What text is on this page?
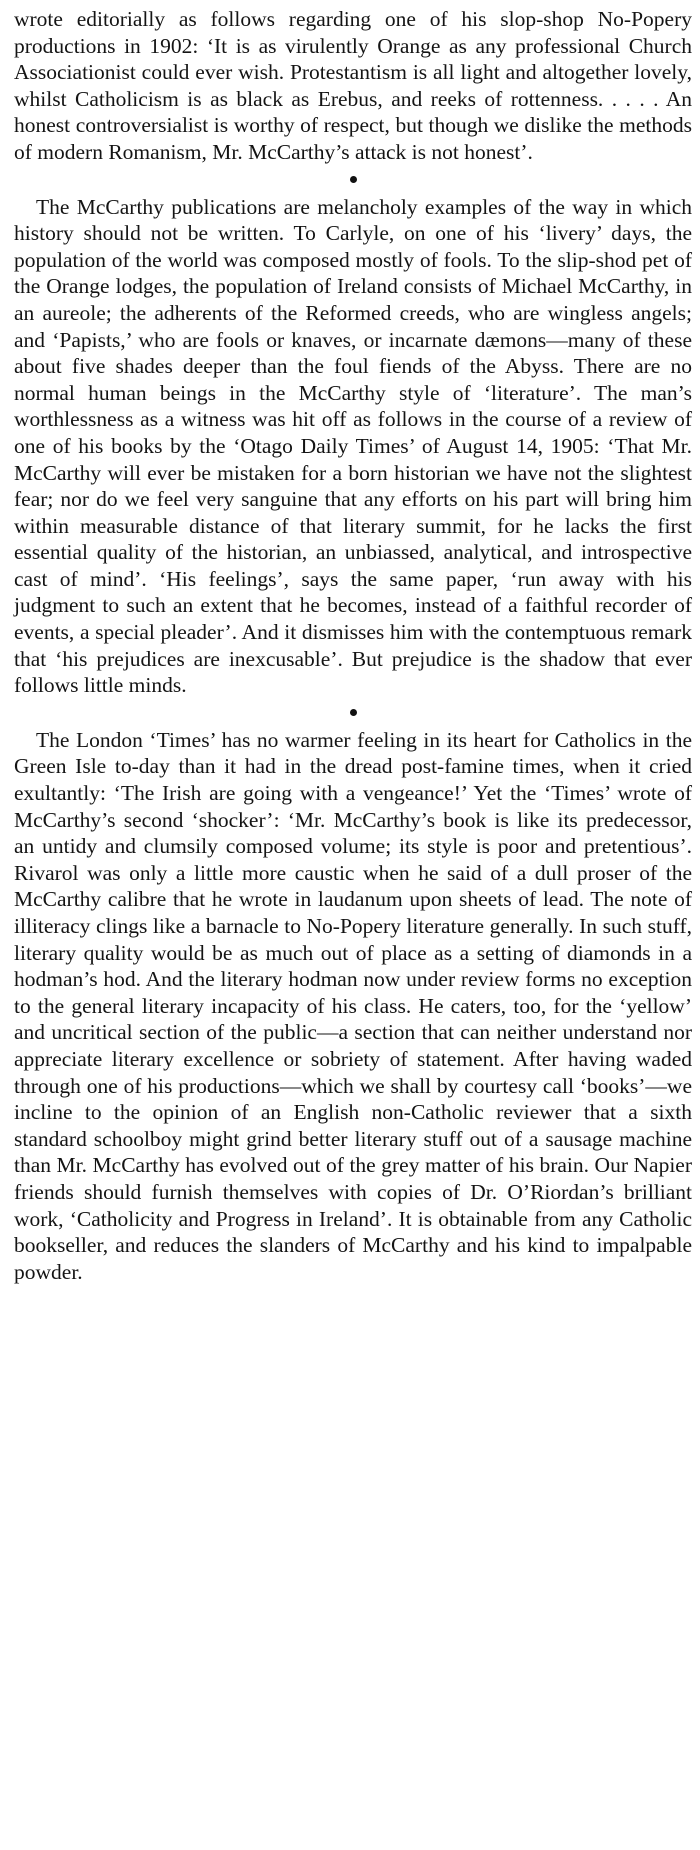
wrote editorially as follows regarding one of his slop-shop No-Popery productions in 1902: ‘It is as virulently Orange as any professional Church Associationist could ever wish. Protestantism is all light and altogether lovely, whilst Catholicism is as black as Erebus, and reeks of rottenness. . . . . An honest controversialist is worthy of respect, but though we dislike the methods of modern Romanism, Mr. McCarthy’s attack is not honest’.

The McCarthy publications are melancholy examples of the way in which history should not be written. To Carlyle, on one of his ‘livery’ days, the population of the world was composed mostly of fools. To the slip-shod pet of the Orange lodges, the population of Ireland consists of Michael McCarthy, in an aureole; the adherents of the Reformed creeds, who are wingless angels; and ‘Papists,’ who are fools or knaves, or incarnate dæmons—many of these about five shades deeper than the foul fiends of the Abyss. There are no normal human beings in the McCarthy style of ‘literature’. The man’s worthlessness as a witness was hit off as follows in the course of a review of one of his books by the ‘Otago Daily Times’ of August 14, 1905: ‘That Mr. McCarthy will ever be mistaken for a born historian we have not the slightest fear; nor do we feel very sanguine that any efforts on his part will bring him within measurable distance of that literary summit, for he lacks the first essential quality of the historian, an unbiassed, analytical, and introspective cast of mind’. ‘His feelings’, says the same paper, ‘run away with his judgment to such an extent that he becomes, instead of a faithful recorder of events, a special pleader’. And it dismisses him with the contemptuous remark that ‘his prejudices are inexcusable’. But prejudice is the shadow that ever follows little minds.

The London ‘Times’ has no warmer feeling in its heart for Catholics in the Green Isle to-day than it had in the dread post-famine times, when it cried exultantly: ‘The Irish are going with a vengeance!’ Yet the ‘Times’ wrote of McCarthy’s second ‘shocker’: ‘Mr. McCarthy’s book is like its predecessor, an untidy and clumsily composed volume; its style is poor and pretentious’. Rivarol was only a little more caustic when he said of a dull proser of the McCarthy calibre that he wrote in laudanum upon sheets of lead. The note of illiteracy clings like a barnacle to No-Popery literature generally. In such stuff, literary quality would be as much out of place as a setting of diamonds in a hodman’s hod. And the literary hodman now under review forms no exception to the general literary incapacity of his class. He caters, too, for the ‘yellow’ and uncritical section of the public—a section that can neither understand nor appreciate literary excellence or sobriety of statement. After having waded through one of his productions—which we shall by courtesy call ‘books’—we incline to the opinion of an English non-Catholic reviewer that a sixth standard schoolboy might grind better literary stuff out of a sausage machine than Mr. McCarthy has evolved out of the grey matter of his brain. Our Napier friends should furnish themselves with copies of Dr. O’Riordan’s brilliant work, ‘Catholicity and Progress in Ireland’. It is obtainable from any Catholic bookseller, and reduces the slanders of McCarthy and his kind to impalpable powder.
